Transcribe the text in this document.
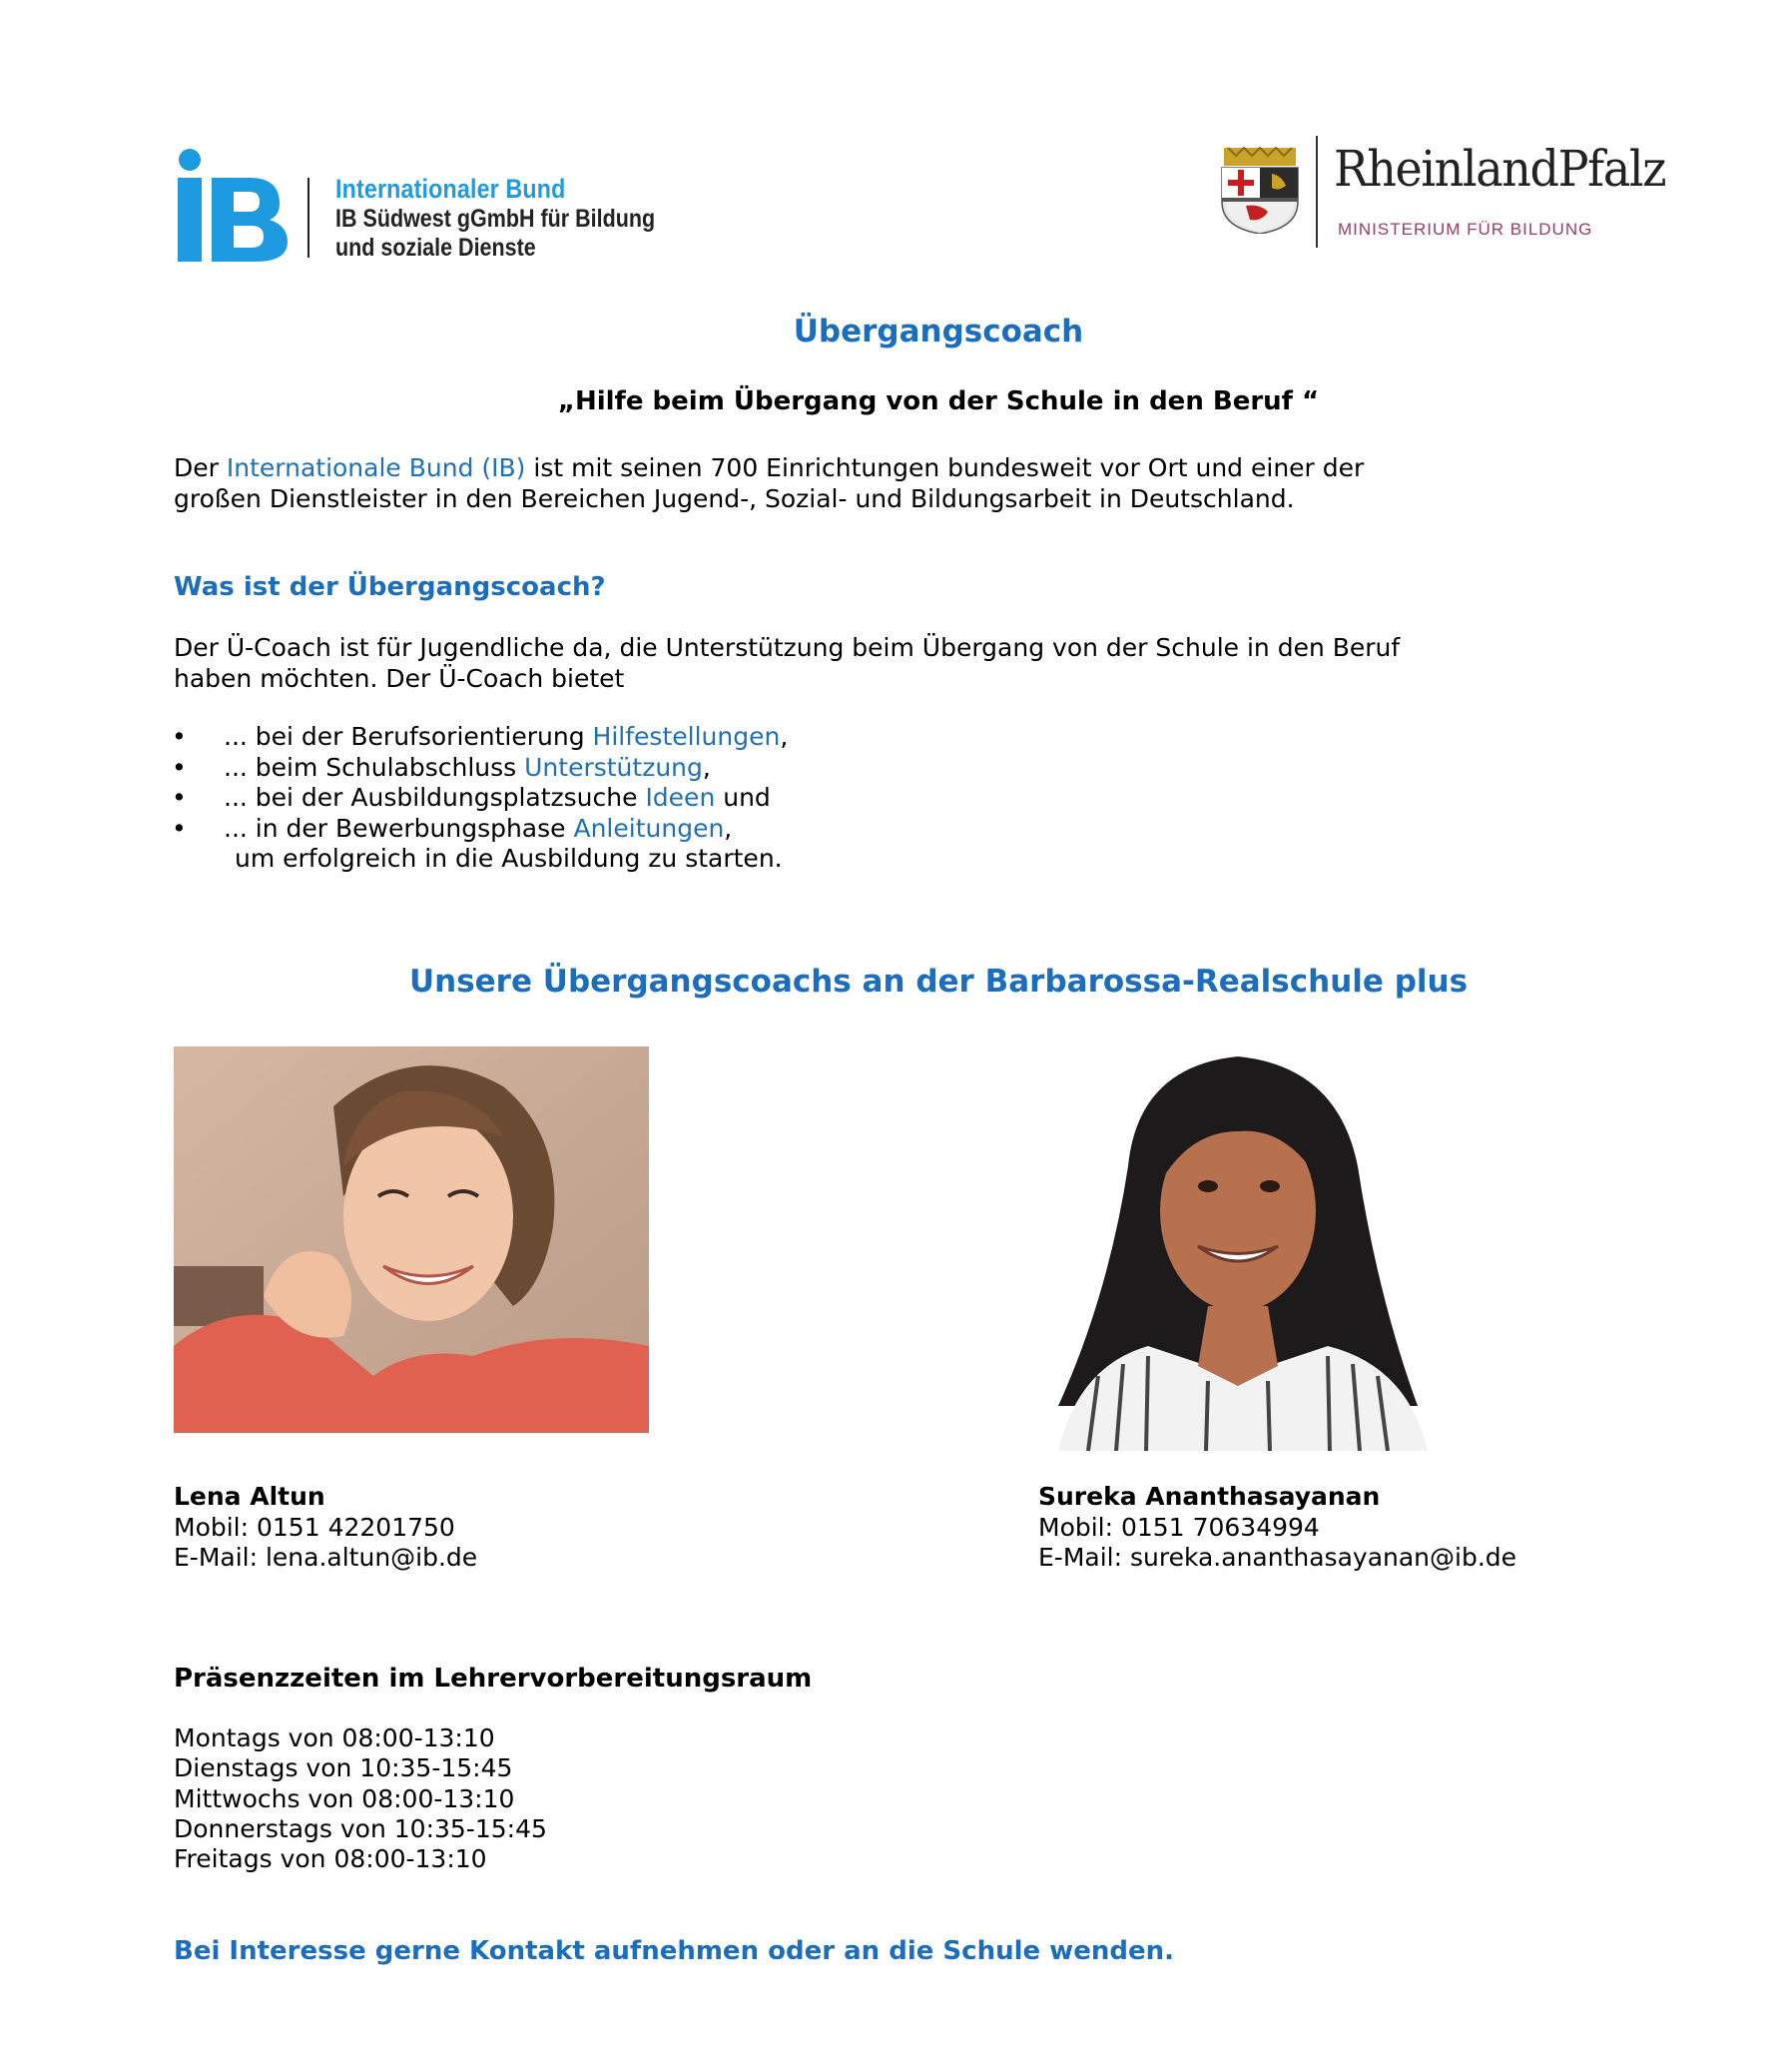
Internationaler Bund
IB Südwest gGmbH für Bildung
und soziale Dienste
RheinlandPfalz
MINISTERIUM FÜR BILDUNG
Übergangscoach
„Hilfe beim Übergang von der Schule in den Beruf “
Der Internationale Bund (IB) ist mit seinen 700 Einrichtungen bundesweit vor Ort und einer der
großen Dienstleister in den Bereichen Jugend-, Sozial- und Bildungsarbeit in Deutschland.
Was ist der Übergangscoach?
Der Ü-Coach ist für Jugendliche da, die Unterstützung beim Übergang von der Schule in den Beruf
haben möchten. Der Ü-Coach bietet
• ... bei der Berufsorientierung Hilfestellungen,
• ... beim Schulabschluss Unterstützung,
• ... bei der Ausbildungsplatzsuche Ideen und
• ... in der Bewerbungsphase Anleitungen,
um erfolgreich in die Ausbildung zu starten.
Unsere Übergangscoachs an der Barbarossa-Realschule plus
Lena Altun
Mobil: 0151 42201750
E-Mail: lena.altun@ib.de
Sureka Ananthasayanan
Mobil: 0151 70634994
E-Mail: sureka.ananthasayanan@ib.de
Präsenzzeiten im Lehrervorbereitungsraum
Montags von 08:00-13:10
Dienstags von 10:35-15:45
Mittwochs von 08:00-13:10
Donnerstags von 10:35-15:45
Freitags von 08:00-13:10
Bei Interesse gerne Kontakt aufnehmen oder an die Schule wenden.
